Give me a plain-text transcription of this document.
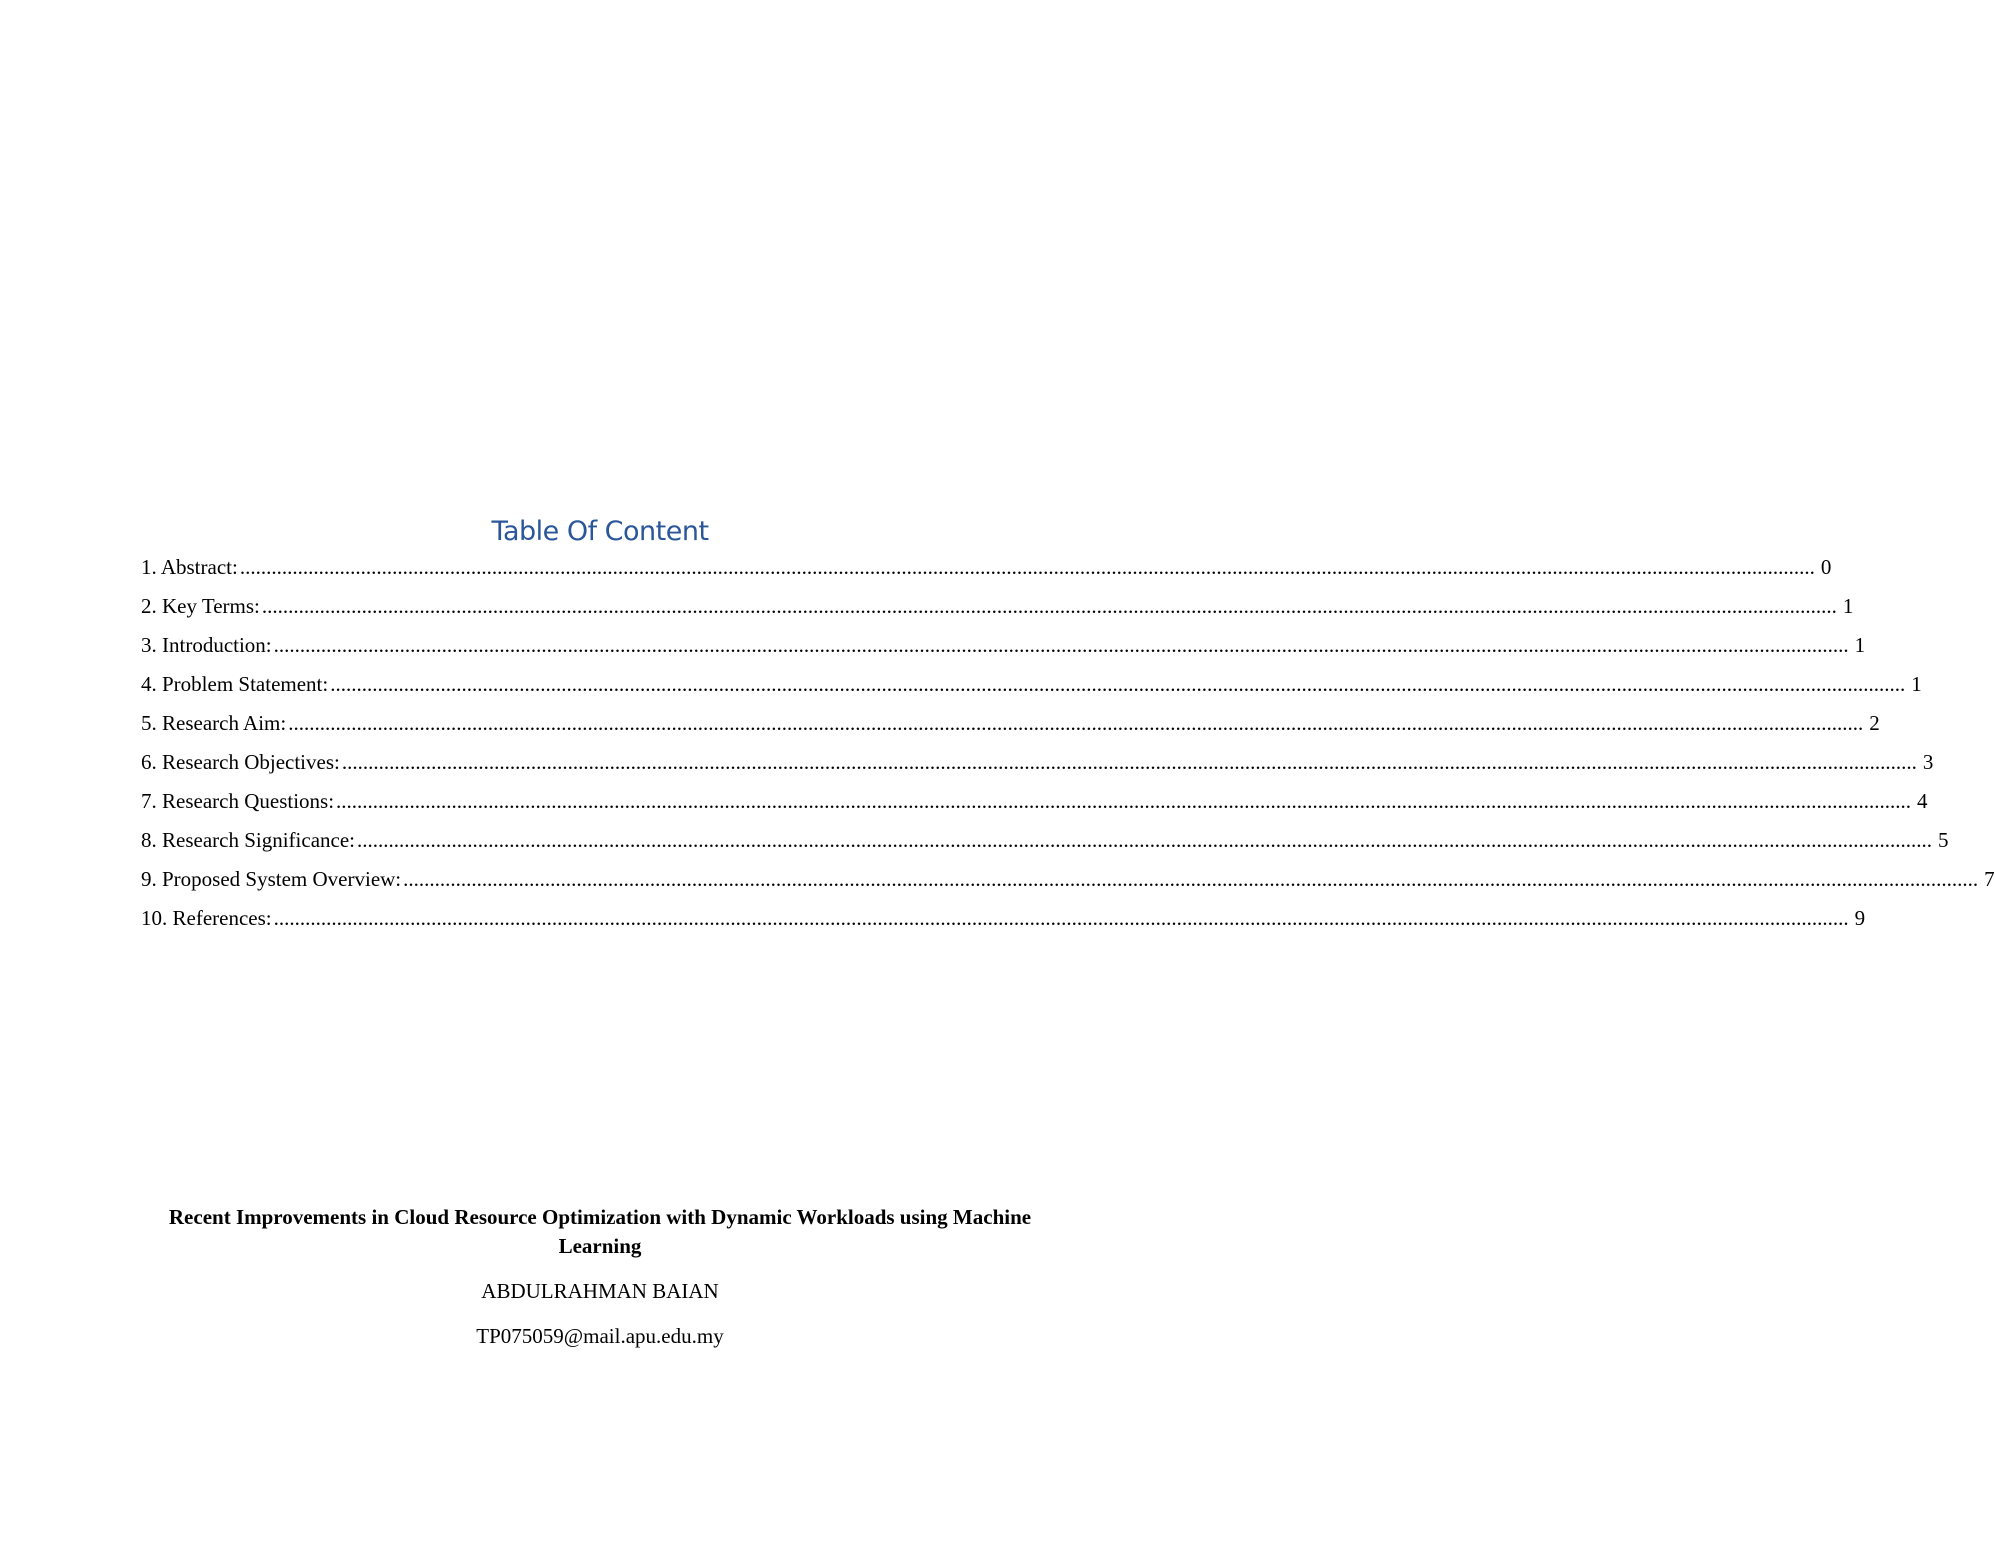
Table Of Content
1. Abstract: ............................................................................................................................................................................................................................................................................................................ 0
2. Key Terms: ............................................................................................................................................................................................................................................................................................................ 1
3. Introduction: ............................................................................................................................................................................................................................................................................................................ 1
4. Problem Statement: ............................................................................................................................................................................................................................................................................................................ 1
5. Research Aim: ............................................................................................................................................................................................................................................................................................................ 2
6. Research Objectives: ............................................................................................................................................................................................................................................................................................................ 3
7. Research Questions: ............................................................................................................................................................................................................................................................................................................ 4
8. Research Significance: ............................................................................................................................................................................................................................................................................................................ 5
9. Proposed System Overview: ............................................................................................................................................................................................................................................................................................................ 7
10. References: ............................................................................................................................................................................................................................................................................................................ 9
Recent Improvements in Cloud Resource Optimization with Dynamic Workloads using Machine Learning
ABDULRAHMAN BAIAN
TP075059@mail.apu.edu.my
